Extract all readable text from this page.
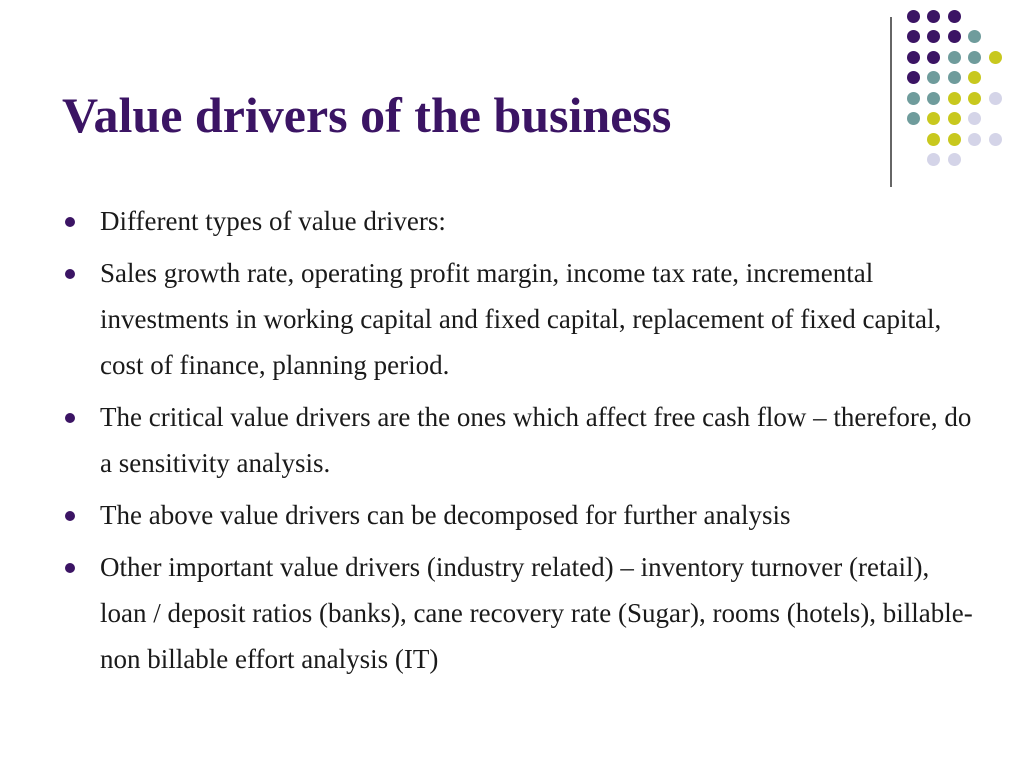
Value drivers of the business
Different types of value drivers:
Sales growth rate, operating profit margin, income tax rate, incremental investments in working capital and fixed capital, replacement of fixed capital, cost of finance, planning period.
The critical value drivers are the ones which affect free cash flow – therefore, do a sensitivity analysis.
The above value drivers can be decomposed for further analysis
Other important value drivers (industry related) – inventory turnover (retail), loan / deposit ratios (banks), cane recovery rate (Sugar), rooms (hotels), billable-non billable effort analysis (IT)
